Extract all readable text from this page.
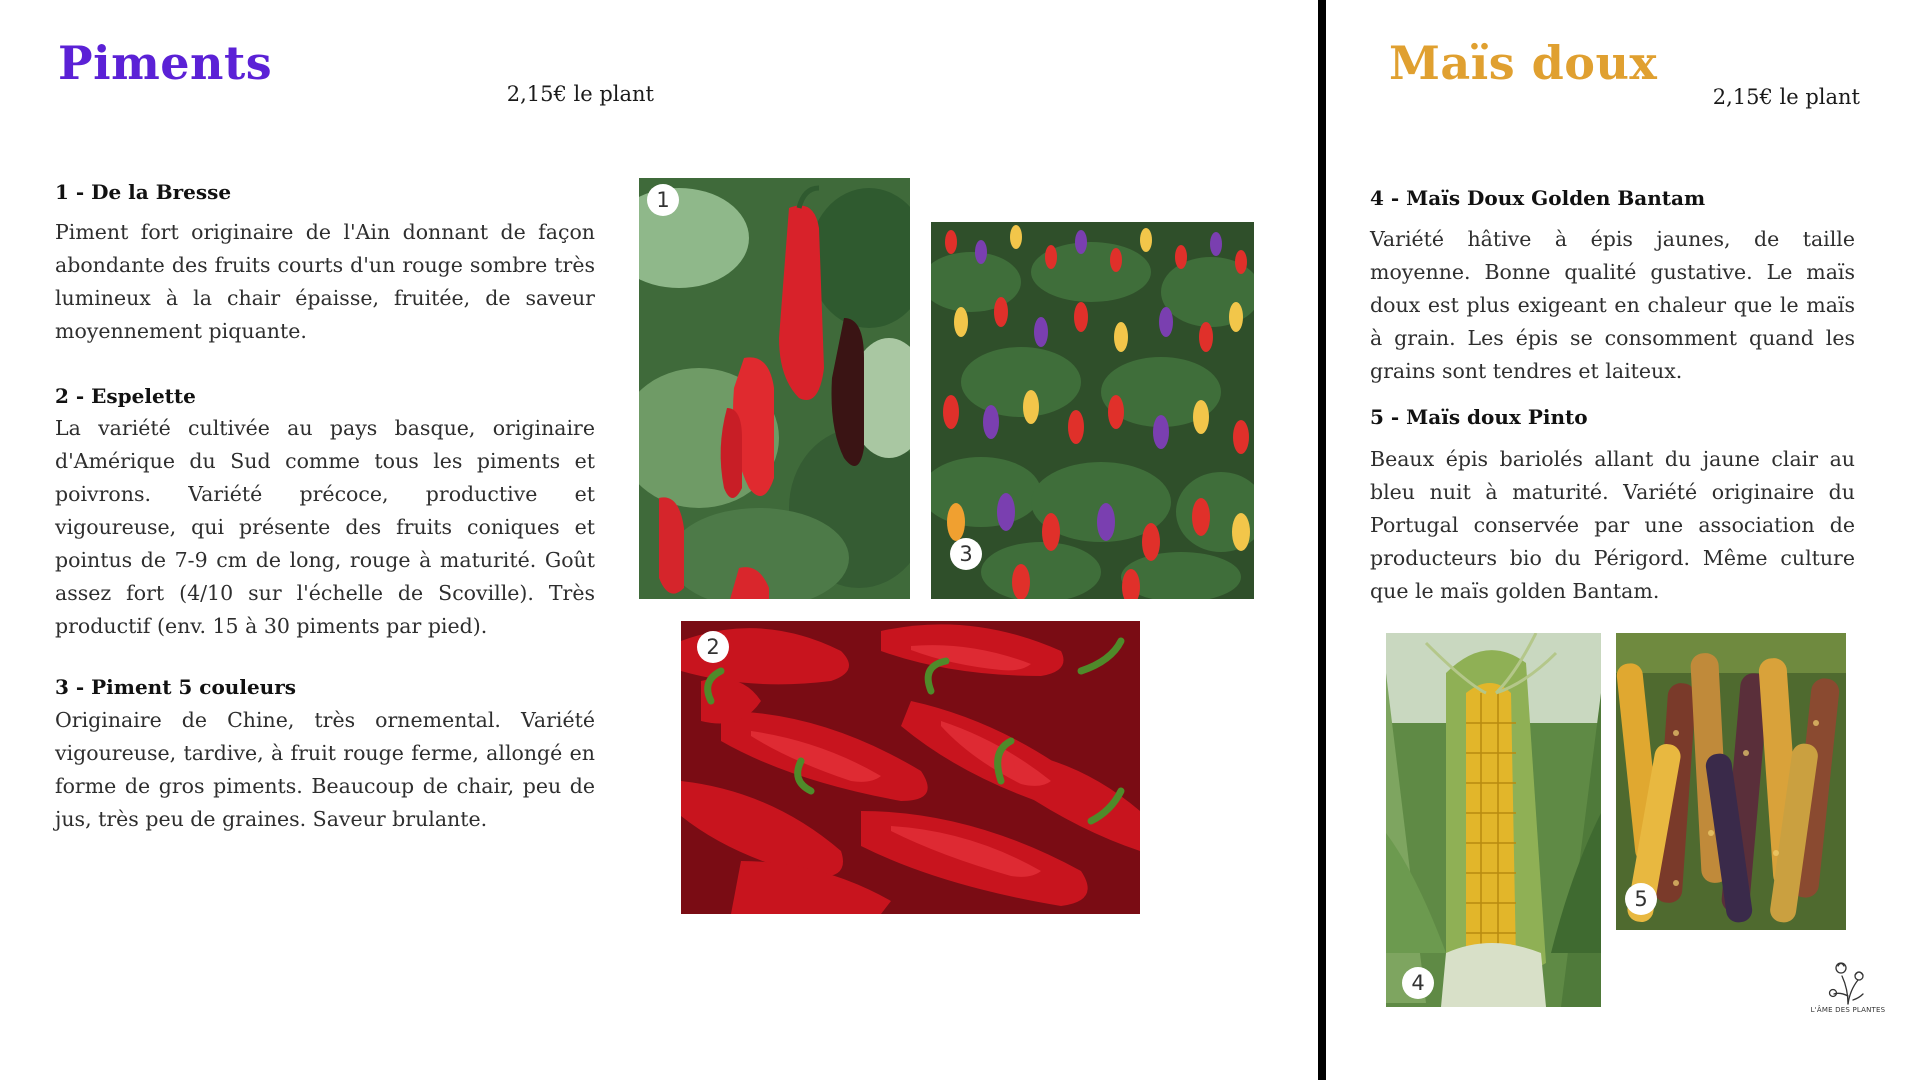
Piments
2,15€ le plant
1 - De la Bresse
Piment fort originaire de l'Ain donnant de façon abondante des fruits courts d'un rouge sombre très lumineux à la chair épaisse, fruitée, de saveur moyennement piquante.
2 - Espelette
La variété cultivée au pays basque, originaire d'Amérique du Sud comme tous les piments et poivrons. Variété précoce, productive et vigoureuse, qui présente des fruits coniques et pointus de 7-9 cm de long, rouge à maturité. Goût assez fort (4/10 sur l'échelle de Scoville). Très productif (env. 15 à 30 piments par pied).
3 - Piment 5 couleurs
Originaire de Chine, très ornemental. Variété vigoureuse, tardive, à fruit rouge ferme, allongé en forme de gros piments. Beaucoup de chair, peu de jus, très peu de graines. Saveur brulante.
1
3
2
Maïs doux
2,15€ le plant
4 - Maïs Doux Golden Bantam
Variété hâtive à épis jaunes, de taille moyenne. Bonne qualité gustative. Le maïs doux est plus exigeant en chaleur que le maïs à grain. Les épis se consomment quand les grains sont tendres et laiteux.
5 - Maïs doux Pinto
Beaux épis bariolés allant du jaune clair au bleu nuit à maturité. Variété originaire du Portugal conservée par une association de producteurs bio du Périgord. Même culture que le maïs golden Bantam.
4
5
L'ÂME DES PLANTES
